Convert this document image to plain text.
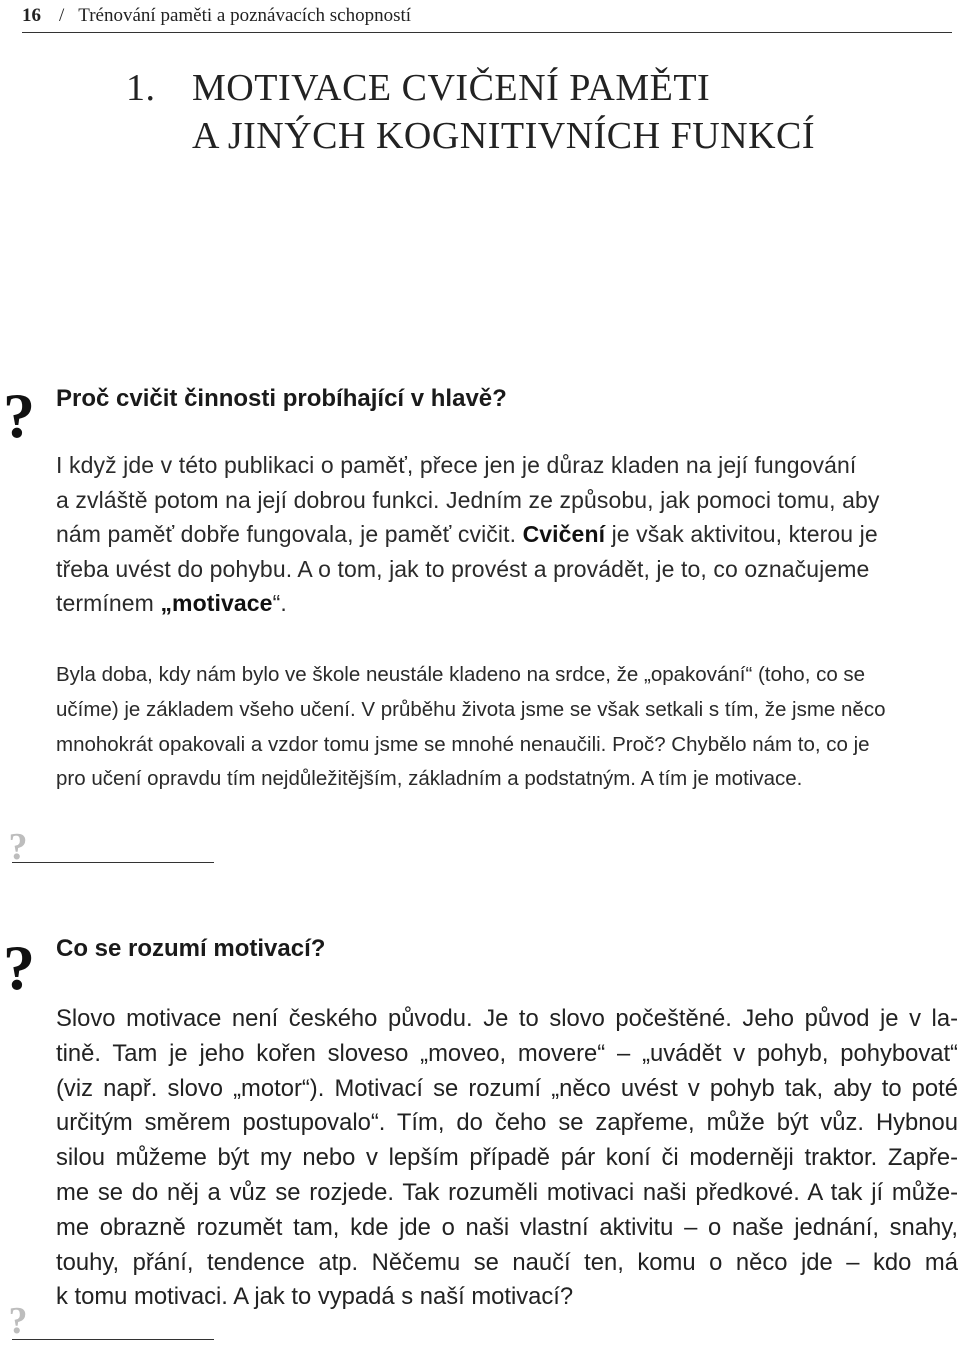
16 / Trénování paměti a poznávacích schopností
1. MOTIVACE CVIČENÍ PAMĚTI
A JINÝCH KOGNITIVNÍCH FUNKCÍ
? Proč cvičit činnosti probíhající v hlavě?
I když jde v této publikaci o paměť, přece jen je důraz kladen na její fungování
a zvláště potom na její dobrou funkci. Jedním ze způsobu, jak pomoci tomu, aby
nám paměť dobře fungovala, je paměť cvičit. Cvičení je však aktivitou, kterou je
třeba uvést do pohybu. A o tom, jak to provést a provádět, je to, co označujeme
termínem „motivace“.
Byla doba, kdy nám bylo ve škole neustále kladeno na srdce, že „opakování“ (toho, co se
učíme) je základem všeho učení. V průběhu života jsme se však setkali s tím, že jsme něco
mnohokrát opakovali a vzdor tomu jsme se mnohé nenaučili. Proč? Chybělo nám to, co je
pro učení opravdu tím nejdůležitějším, základním a podstatným. A tím je motivace.
?
? Co se rozumí motivací?
Slovo motivace není českého původu. Je to slovo počeštěné. Jeho původ je v la-
tině. Tam je jeho kořen sloveso „moveo, movere“ – „uvádět v pohyb, pohybovat“
(viz např. slovo „motor“). Motivací se rozumí „něco uvést v pohyb tak, aby to poté
určitým směrem postupovalo“. Tím, do čeho se zapřeme, může být vůz. Hybnou
silou můžeme být my nebo v lepším případě pár koní či moderněji traktor. Zapře-
me se do něj a vůz se rozjede. Tak rozuměli motivaci naši předkové. A tak jí může-
me obrazně rozumět tam, kde jde o naši vlastní aktivitu – o naše jednání, snahy,
touhy, přání, tendence atp. Něčemu se naučí ten, komu o něco jde – kdo má
k tomu motivaci. A jak to vypadá s naší motivací?
?
